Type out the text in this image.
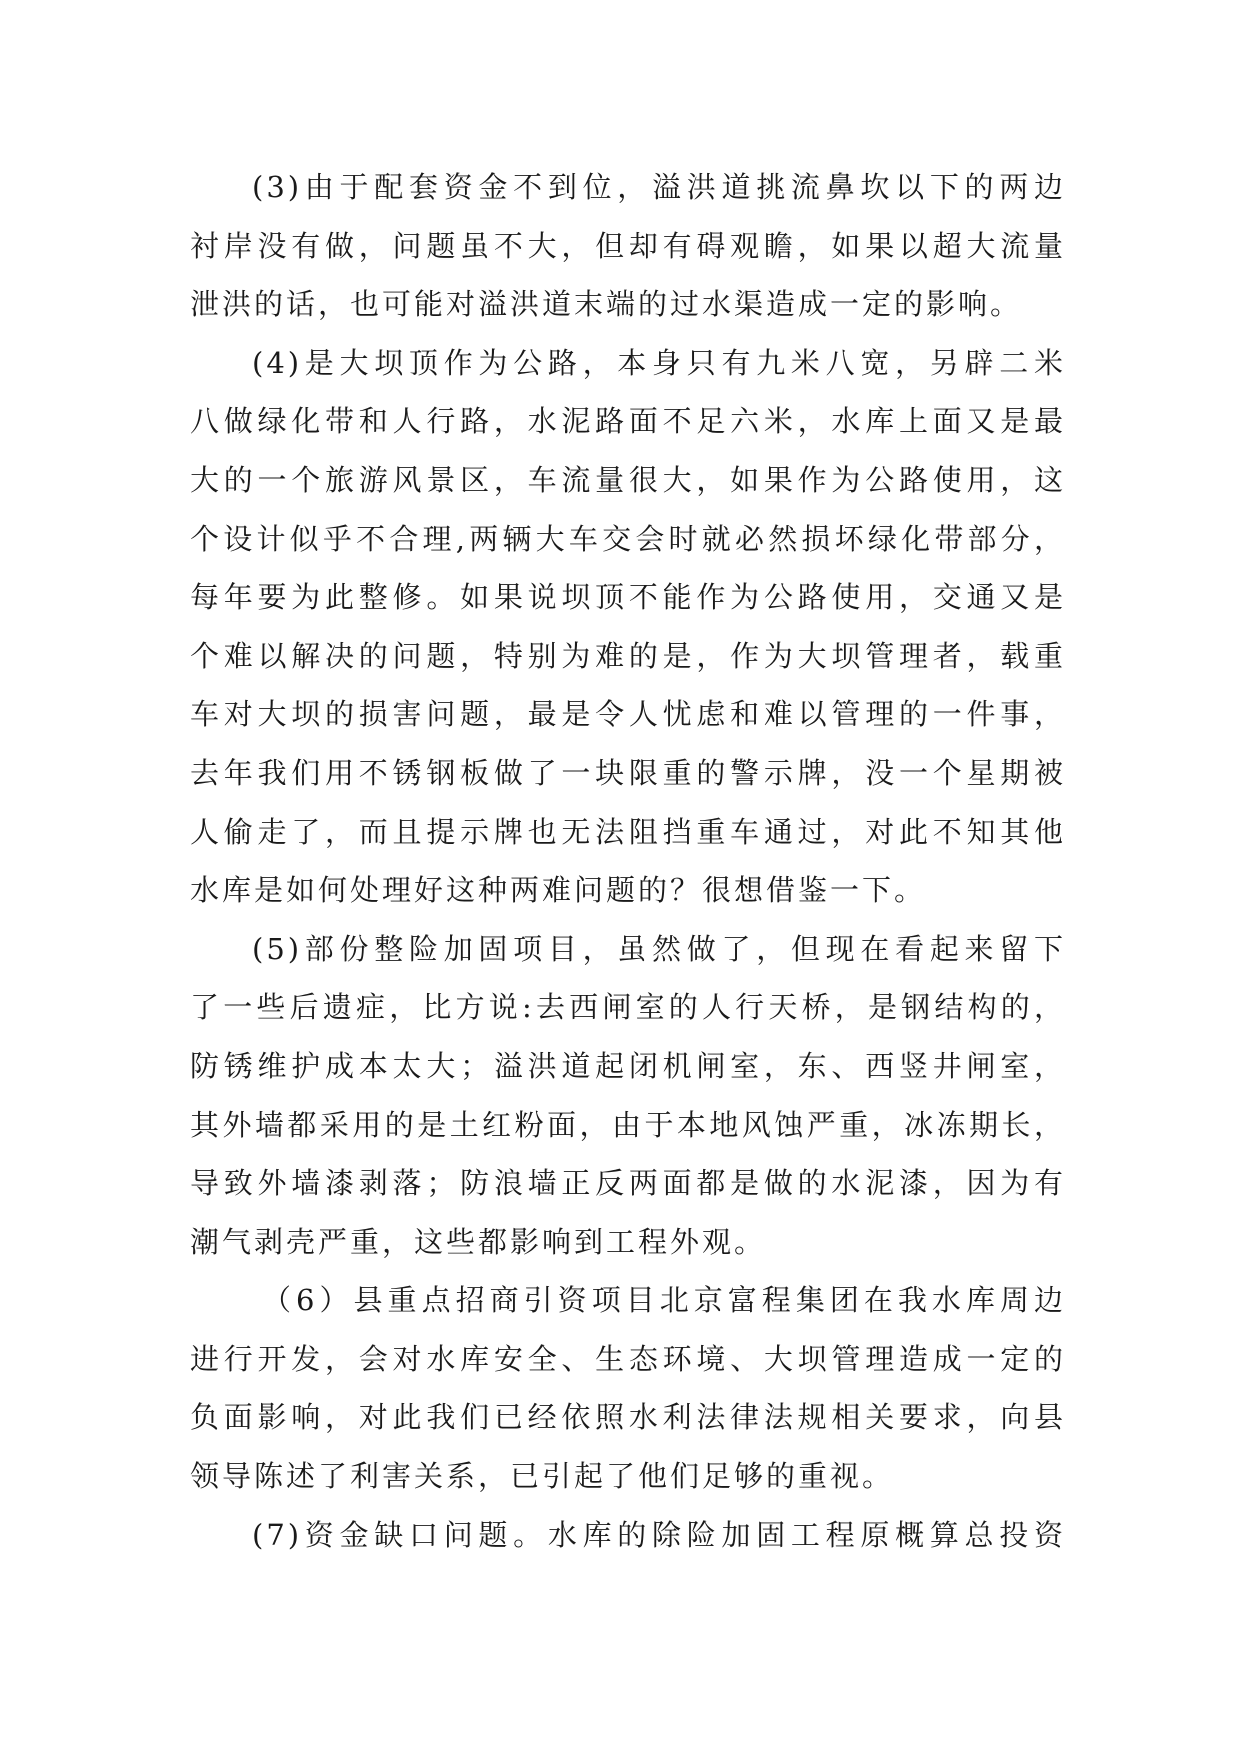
(3)由于配套资金不到位，溢洪道挑流鼻坎以下的两边
衬岸没有做，问题虽不大，但却有碍观瞻，如果以超大流量
泄洪的话，也可能对溢洪道末端的过水渠造成一定的影响。
(4)是大坝顶作为公路，本身只有九米八宽，另辟二米
八做绿化带和人行路，水泥路面不足六米，水库上面又是最
大的一个旅游风景区，车流量很大，如果作为公路使用，这
个设计似乎不合理,两辆大车交会时就必然损坏绿化带部分，
每年要为此整修。如果说坝顶不能作为公路使用，交通又是
个难以解决的问题，特别为难的是，作为大坝管理者，载重
车对大坝的损害问题，最是令人忧虑和难以管理的一件事，
去年我们用不锈钢板做了一块限重的警示牌，没一个星期被
人偷走了，而且提示牌也无法阻挡重车通过，对此不知其他
水库是如何处理好这种两难问题的？很想借鉴一下。
(5)部份整险加固项目，虽然做了，但现在看起来留下
了一些后遗症，比方说:去西闸室的人行天桥，是钢结构的，
防锈维护成本太大；溢洪道起闭机闸室，东、西竖井闸室，
其外墙都采用的是土红粉面，由于本地风蚀严重，冰冻期长，
导致外墙漆剥落；防浪墙正反两面都是做的水泥漆，因为有
潮气剥壳严重，这些都影响到工程外观。
（6）县重点招商引资项目北京富程集团在我水库周边
进行开发，会对水库安全、生态环境、大坝管理造成一定的
负面影响，对此我们已经依照水利法律法规相关要求，向县
领导陈述了利害关系，已引起了他们足够的重视。
(7)资金缺口问题。水库的除险加固工程原概算总投资
